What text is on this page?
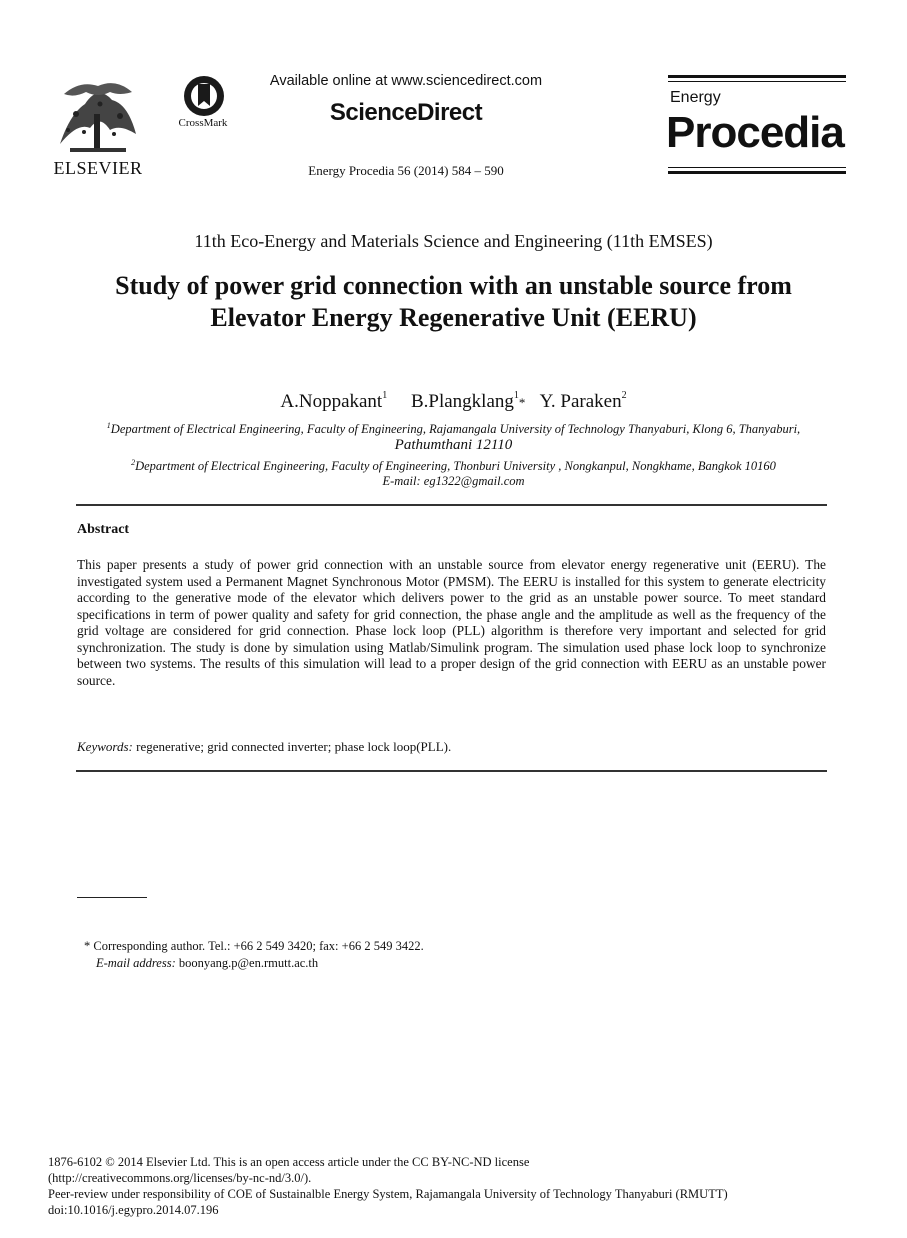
ELSEVIER
CrossMark
Available online at www.sciencedirect.com
ScienceDirect
Energy Procedia 56 (2014) 584 – 590
Energy
Procedia
11th Eco-Energy and Materials Science and Engineering (11th EMSES)
Study of power grid connection with an unstable source from
Elevator Energy Regenerative Unit (EERU)
A.Noppakant$^1$ B.Plangklang$^1$* Y. Paraken$^2$
$^1$Department of Electrical Engineering, Faculty of Engineering, Rajamangala University of Technology Thanyaburi, Klong 6, Thanyaburi,
Pathumthani 12110
$^2$Department of Electrical Engineering, Faculty of Engineering, Thonburi University , Nongkanpul, Nongkhame, Bangkok 10160
E-mail: eg1322@gmail.com
Abstract
This paper presents a study of power grid connection with an unstable source from elevator energy regenerative unit (EERU). The investigated system used a Permanent Magnet Synchronous Motor (PMSM). The EERU is installed for this system to generate electricity according to the generative mode of the elevator which delivers power to the grid as an unstable power source. To meet standard specifications in term of power quality and safety for grid connection, the phase angle and the amplitude as well as the frequency of the grid voltage are considered for grid connection. Phase lock loop (PLL) algorithm is therefore very important and selected for grid synchronization. The study is done by simulation using Matlab/Simulink program. The simulation used phase lock loop to synchronize between two systems. The results of this simulation will lead to a proper design of the grid connection with EERU as an unstable power source.
Keywords: regenerative; grid connected inverter; phase lock loop(PLL).
* Corresponding author. Tel.: +66 2 549 3420; fax: +66 2 549 3422.
E-mail address: boonyang.p@en.rmutt.ac.th
1876-6102 © 2014 Elsevier Ltd. This is an open access article under the CC BY-NC-ND license
(http://creativecommons.org/licenses/by-nc-nd/3.0/).
Peer-review under responsibility of COE of Sustainalble Energy System, Rajamangala University of Technology Thanyaburi (RMUTT)
doi:10.1016/j.egypro.2014.07.196
